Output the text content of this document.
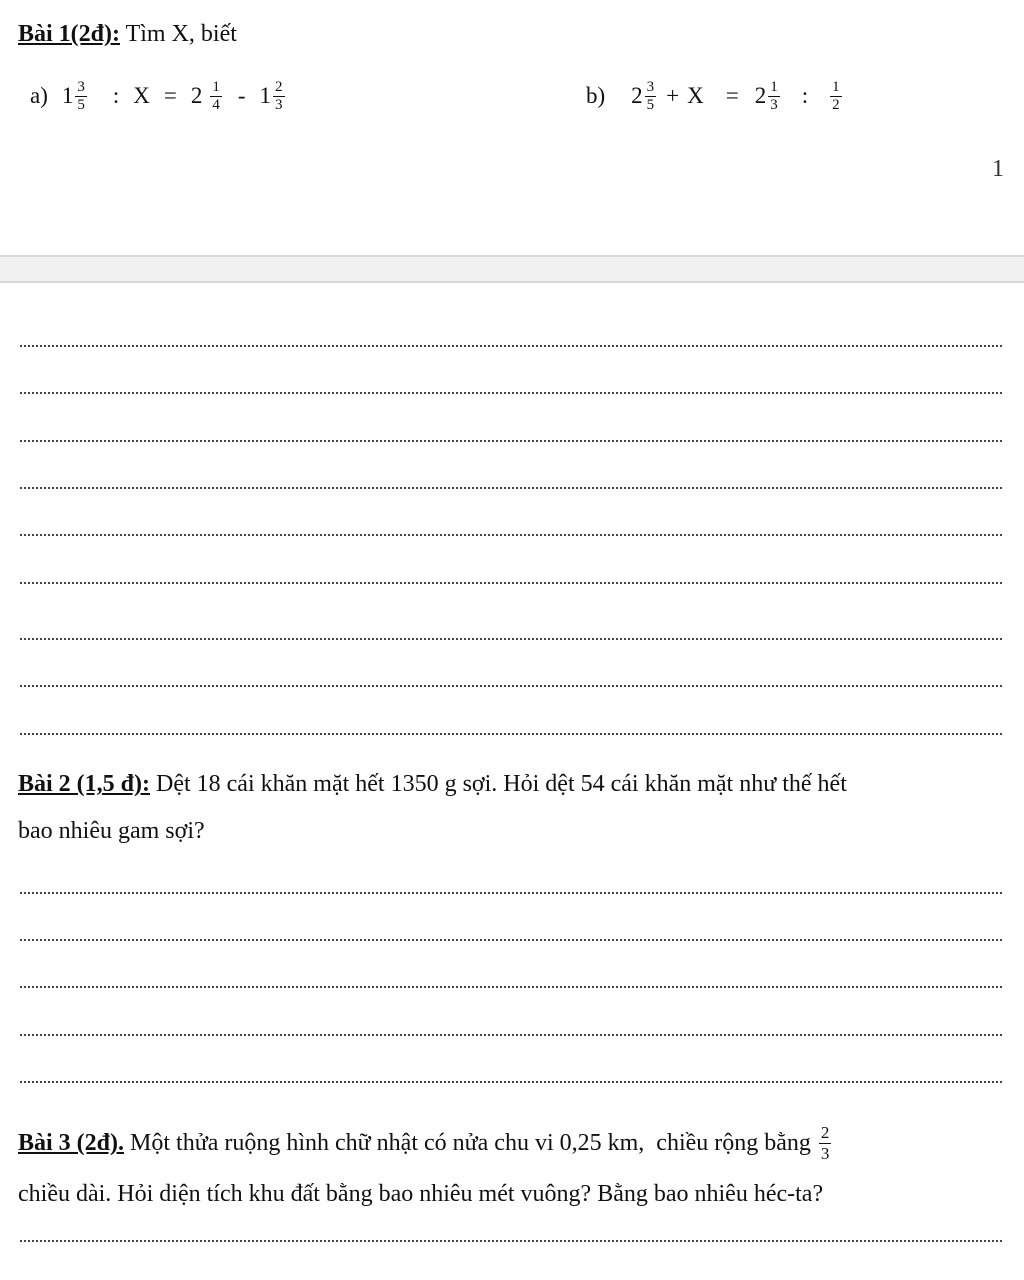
Bài 1(2đ): Tìm X, biết
a) $1 \frac{3}{5}$ : $X = 2 \frac{1}{4} - 1 \frac{2}{3}$	b) $2 \frac{3}{5} + X = 2 \frac{1}{3}$ : $\frac{1}{2}$
1
Bài 2 (1,5 đ): Dệt 18 cái khăn mặt hết 1350 g sợi. Hỏi dệt 54 cái khăn mặt như thế hết
bao nhiêu gam sợi?
Bài 3 (2đ). Một thửa ruộng hình chữ nhật có nửa chu vi 0,25 km,  chiều rộng bằng $\frac{2}{3}$
chiều dài. Hỏi diện tích khu đất bằng bao nhiêu mét vuông? Bằng bao nhiêu héc-ta?
